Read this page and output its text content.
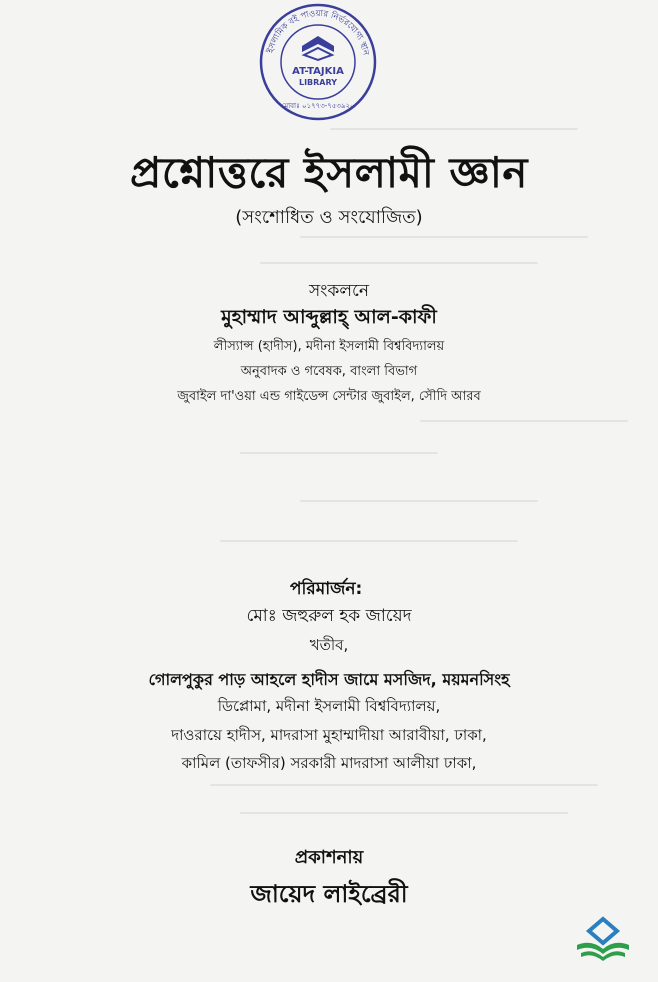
ইসলামিক বই পাওয়ার নির্ভরযোগ্য স্থান
AT-TAJKIA
LIBRARY
মোবাঃ ০১৭৭৩-৭৫৩৯২০
প্রশ্নোত্তরে ইসলামী জ্ঞান
(সংশোধিত ও সংযোজিত)
সংকলনে
মুহাম্মাদ আব্দুল্লাহ্ আল-কাফী
লীস্যান্স (হাদীস), মদীনা ইসলামী বিশ্ববিদ্যালয়
অনুবাদক ও গবেষক, বাংলা বিভাগ
জুবাইল দা'ওয়া এন্ড গাইডেন্স সেন্টার জুবাইল, সৌদি আরব
পরিমার্জন:
মোঃ জহুরুল হক জায়েদ
খতীব,
গোলপুকুর পাড় আহলে হাদীস জামে মসজিদ, ময়মনসিংহ
ডিপ্লোমা, মদীনা ইসলামী বিশ্ববিদ্যালয়,
দাওরায়ে হাদীস, মাদরাসা মুহাম্মাদীয়া আরাবীয়া, ঢাকা,
কামিল (তাফসীর) সরকারী মাদরাসা আলীয়া ঢাকা,
প্রকাশনায়
জায়েদ লাইব্রেরী
